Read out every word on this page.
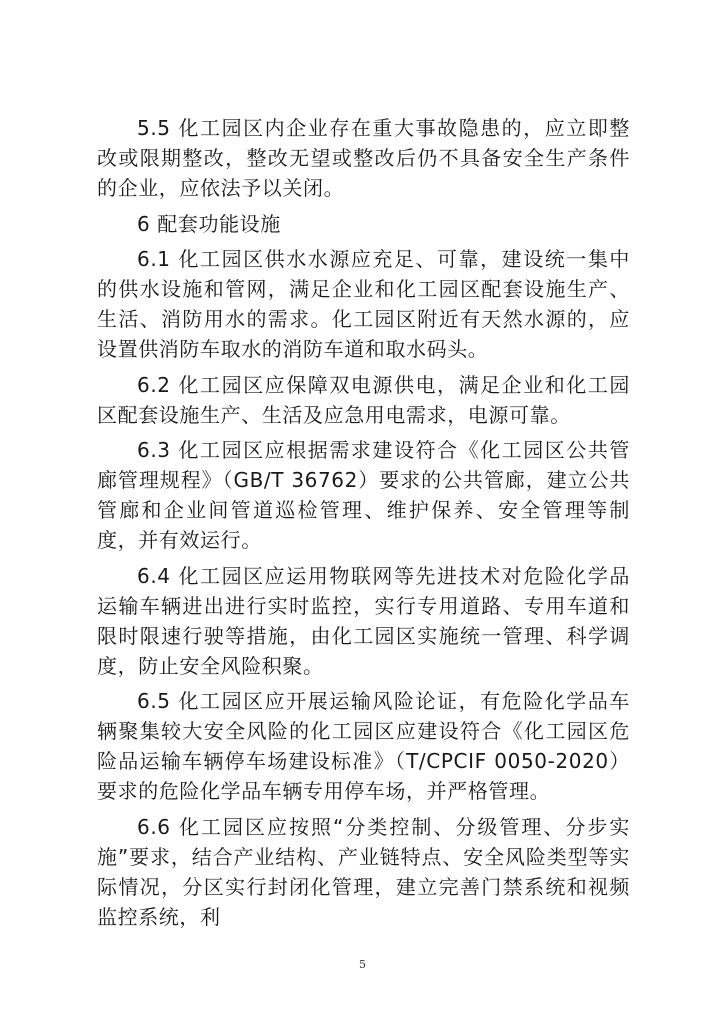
5.5 化工园区内企业存在重大事故隐患的，应立即整改或限期整改，整改无望或整改后仍不具备安全生产条件的企业，应依法予以关闭。

6 配套功能设施

6.1 化工园区供水水源应充足、可靠，建设统一集中的供水设施和管网，满足企业和化工园区配套设施生产、生活、消防用水的需求。化工园区附近有天然水源的，应设置供消防车取水的消防车道和取水码头。

6.2 化工园区应保障双电源供电，满足企业和化工园区配套设施生产、生活及应急用电需求，电源可靠。

6.3 化工园区应根据需求建设符合《化工园区公共管廊管理规程》（GB/T 36762）要求的公共管廊，建立公共管廊和企业间管道巡检管理、维护保养、安全管理等制度，并有效运行。

6.4 化工园区应运用物联网等先进技术对危险化学品运输车辆进出进行实时监控，实行专用道路、专用车道和限时限速行驶等措施，由化工园区实施统一管理、科学调度，防止安全风险积聚。

6.5 化工园区应开展运输风险论证，有危险化学品车辆聚集较大安全风险的化工园区应建设符合《化工园区危险品运输车辆停车场建设标准》（T/CPCIF 0050-2020）要求的危险化学品车辆专用停车场，并严格管理。

6.6 化工园区应按照“分类控制、分级管理、分步实施”要求，结合产业结构、产业链特点、安全风险类型等实际情况，分区实行封闭化管理，建立完善门禁系统和视频监控系统，利

5
